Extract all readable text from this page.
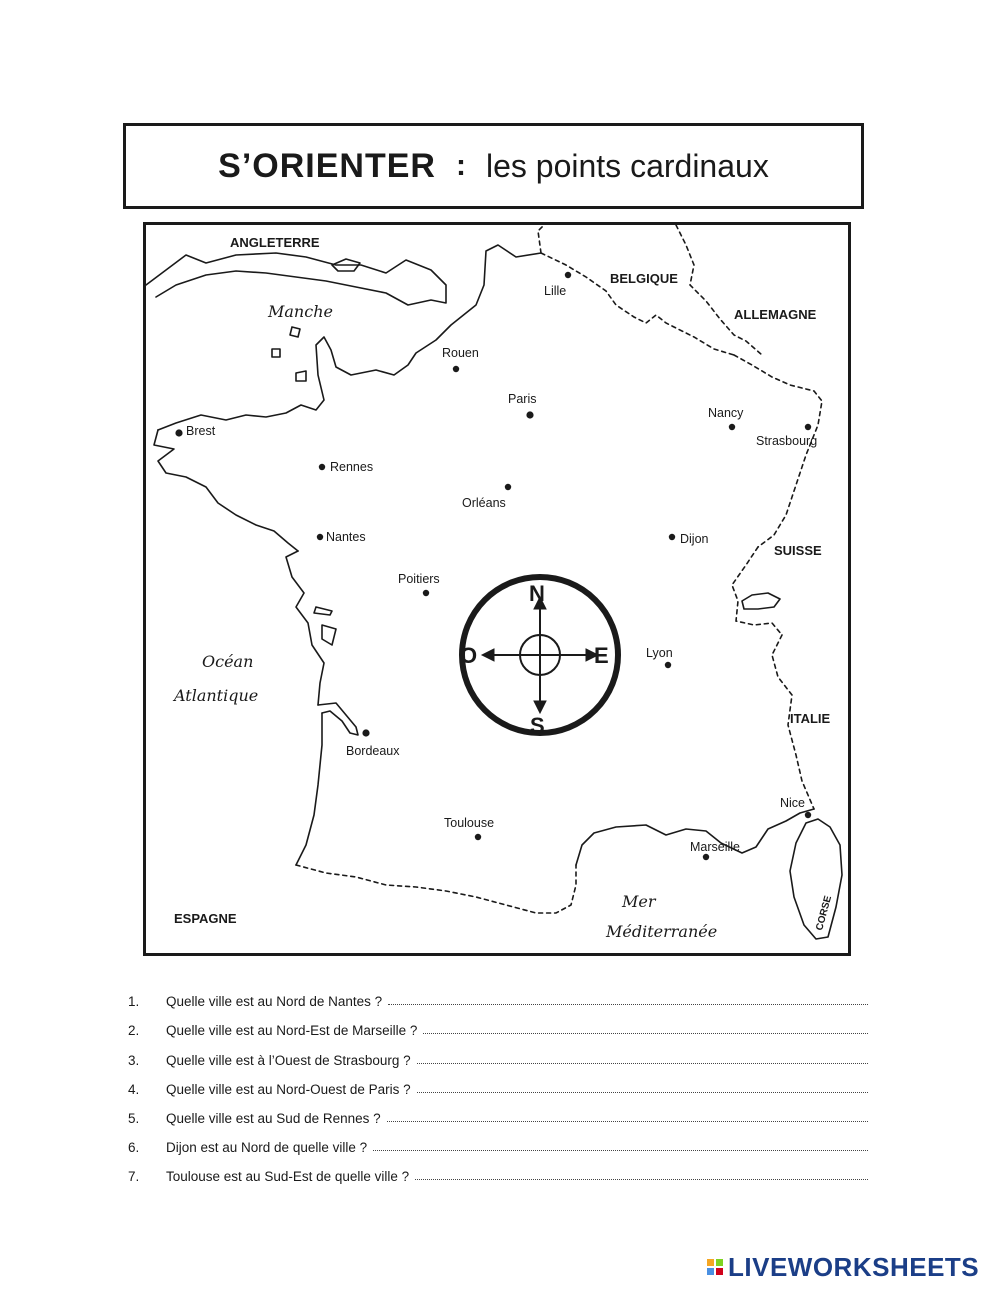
S’ORIENTER : les points cardinaux
N
S
E
O
ANGLETERRE
BELGIQUE
ALLEMAGNE
SUISSE
ITALIE
ESPAGNE	CORSE
Manche
Océan
Atlantique
Mer
Méditerranée
Lille
Rouen
Paris
Nancy
Strasbourg
Brest
Rennes
Orléans
Nantes	Dijon
Poitiers
Lyon
Bordeaux
Nice
Toulouse
Marseille
1.	Quelle ville est au Nord de Nantes ?
2.	Quelle ville est au Nord-Est de Marseille ?
3.	Quelle ville est à l’Ouest de Strasbourg ?
4.	Quelle ville est au Nord-Ouest de Paris ?
5.	Quelle ville est au Sud de Rennes ?
6.	Dijon est au Nord de quelle ville ?
7.	Toulouse est au Sud-Est de quelle ville ?
LIVEWORKSHEETS
